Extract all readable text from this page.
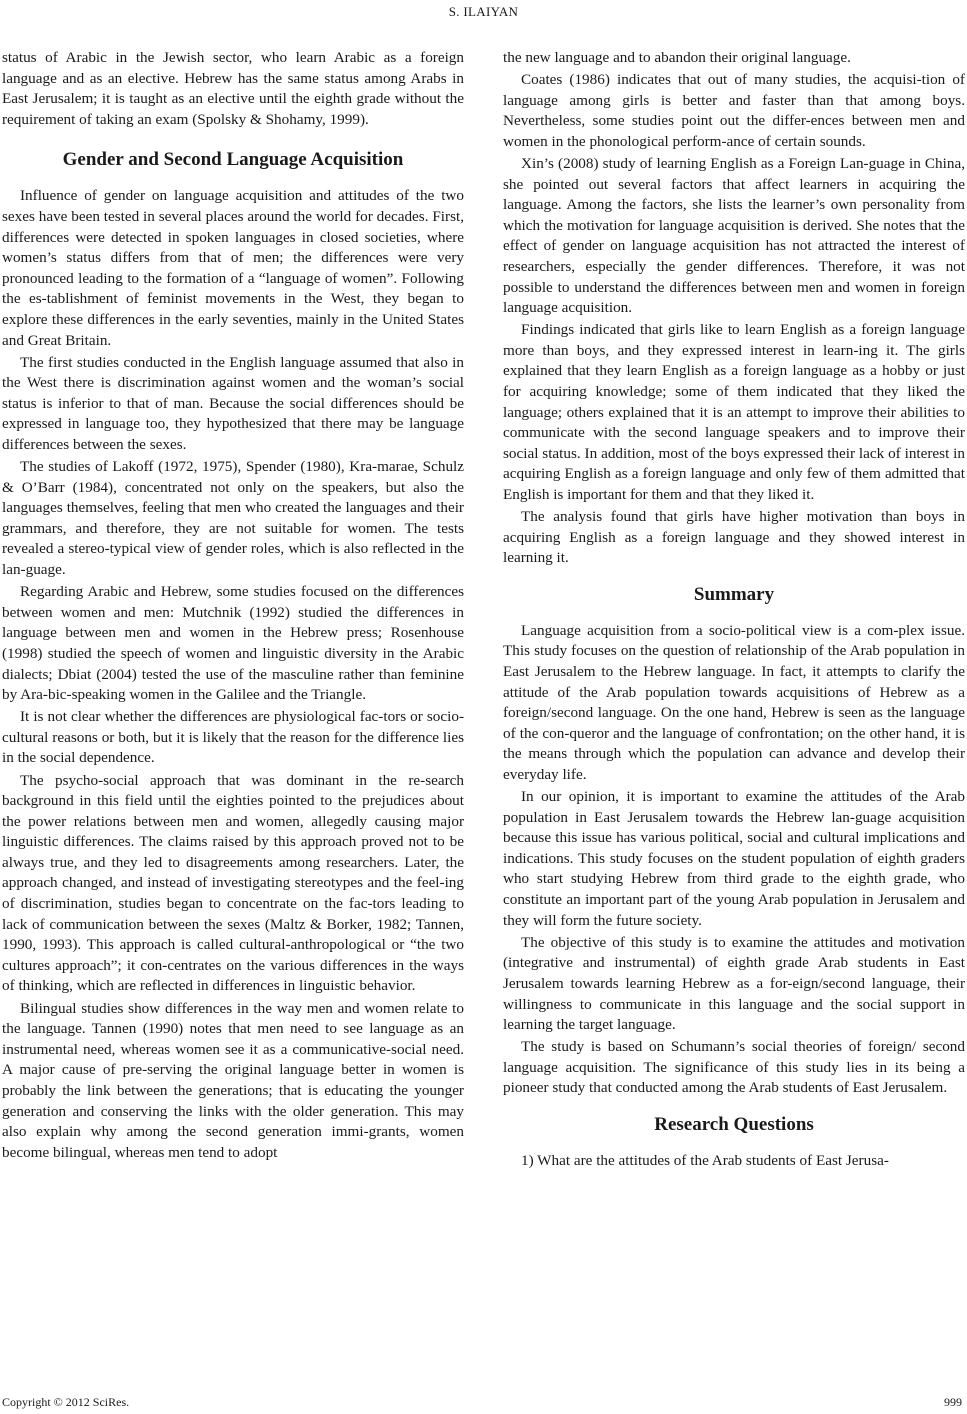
S. ILAIYAN

status of Arabic in the Jewish sector, who learn Arabic as a foreign language and as an elective. Hebrew has the same status among Arabs in East Jerusalem; it is taught as an elective until the eighth grade without the requirement of taking an exam (Spolsky & Shohamy, 1999).

Gender and Second Language Acquisition

Influence of gender on language acquisition and attitudes of the two sexes have been tested in several places around the world for decades. First, differences were detected in spoken languages in closed societies, where women’s status differs from that of men; the differences were very pronounced leading to the formation of a “language of women”. Following the es-tablishment of feminist movements in the West, they began to explore these differences in the early seventies, mainly in the United States and Great Britain.

The first studies conducted in the English language assumed that also in the West there is discrimination against women and the woman’s social status is inferior to that of man. Because the social differences should be expressed in language too, they hypothesized that there may be language differences between the sexes.

The studies of Lakoff (1972, 1975), Spender (1980), Kra-marae, Schulz & O’Barr (1984), concentrated not only on the speakers, but also the languages themselves, feeling that men who created the languages and their grammars, and therefore, they are not suitable for women. The tests revealed a stereo-typical view of gender roles, which is also reflected in the lan-guage.

Regarding Arabic and Hebrew, some studies focused on the differences between women and men: Mutchnik (1992) studied the differences in language between men and women in the Hebrew press; Rosenhouse (1998) studied the speech of women and linguistic diversity in the Arabic dialects; Dbiat (2004) tested the use of the masculine rather than feminine by Ara-bic-speaking women in the Galilee and the Triangle.

It is not clear whether the differences are physiological fac-tors or socio-cultural reasons or both, but it is likely that the reason for the difference lies in the social dependence.

The psycho-social approach that was dominant in the re-search background in this field until the eighties pointed to the prejudices about the power relations between men and women, allegedly causing major linguistic differences. The claims raised by this approach proved not to be always true, and they led to disagreements among researchers. Later, the approach changed, and instead of investigating stereotypes and the feel-ing of discrimination, studies began to concentrate on the fac-tors leading to lack of communication between the sexes (Maltz & Borker, 1982; Tannen, 1990, 1993). This approach is called cultural-anthropological or “the two cultures approach”; it con-centrates on the various differences in the ways of thinking, which are reflected in differences in linguistic behavior.

Bilingual studies show differences in the way men and women relate to the language. Tannen (1990) notes that men need to see language as an instrumental need, whereas women see it as a communicative-social need. A major cause of pre-serving the original language better in women is probably the link between the generations; that is educating the younger generation and conserving the links with the older generation. This may also explain why among the second generation immi-grants, women become bilingual, whereas men tend to adopt

the new language and to abandon their original language.

Coates (1986) indicates that out of many studies, the acquisi-tion of language among girls is better and faster than that among boys. Nevertheless, some studies point out the differ-ences between men and women in the phonological perform-ance of certain sounds.

Xin’s (2008) study of learning English as a Foreign Lan-guage in China, she pointed out several factors that affect learners in acquiring the language. Among the factors, she lists the learner’s own personality from which the motivation for language acquisition is derived. She notes that the effect of gender on language acquisition has not attracted the interest of researchers, especially the gender differences. Therefore, it was not possible to understand the differences between men and women in foreign language acquisition.

Findings indicated that girls like to learn English as a foreign language more than boys, and they expressed interest in learn-ing it. The girls explained that they learn English as a foreign language as a hobby or just for acquiring knowledge; some of them indicated that they liked the language; others explained that it is an attempt to improve their abilities to communicate with the second language speakers and to improve their social status. In addition, most of the boys expressed their lack of interest in acquiring English as a foreign language and only few of them admitted that English is important for them and that they liked it.

The analysis found that girls have higher motivation than boys in acquiring English as a foreign language and they showed interest in learning it.

Summary

Language acquisition from a socio-political view is a com-plex issue. This study focuses on the question of relationship of the Arab population in East Jerusalem to the Hebrew language. In fact, it attempts to clarify the attitude of the Arab population towards acquisitions of Hebrew as a foreign/second language. On the one hand, Hebrew is seen as the language of the con-queror and the language of confrontation; on the other hand, it is the means through which the population can advance and develop their everyday life.

In our opinion, it is important to examine the attitudes of the Arab population in East Jerusalem towards the Hebrew lan-guage acquisition because this issue has various political, social and cultural implications and indications. This study focuses on the student population of eighth graders who start studying Hebrew from third grade to the eighth grade, who constitute an important part of the young Arab population in Jerusalem and they will form the future society.

The objective of this study is to examine the attitudes and motivation (integrative and instrumental) of eighth grade Arab students in East Jerusalem towards learning Hebrew as a for-eign/second language, their willingness to communicate in this language and the social support in learning the target language.

The study is based on Schumann’s social theories of foreign/ second language acquisition. The significance of this study lies in its being a pioneer study that conducted among the Arab students of East Jerusalem.

Research Questions

1) What are the attitudes of the Arab students of East Jerusa-

Copyright © 2012 SciRes.	999
